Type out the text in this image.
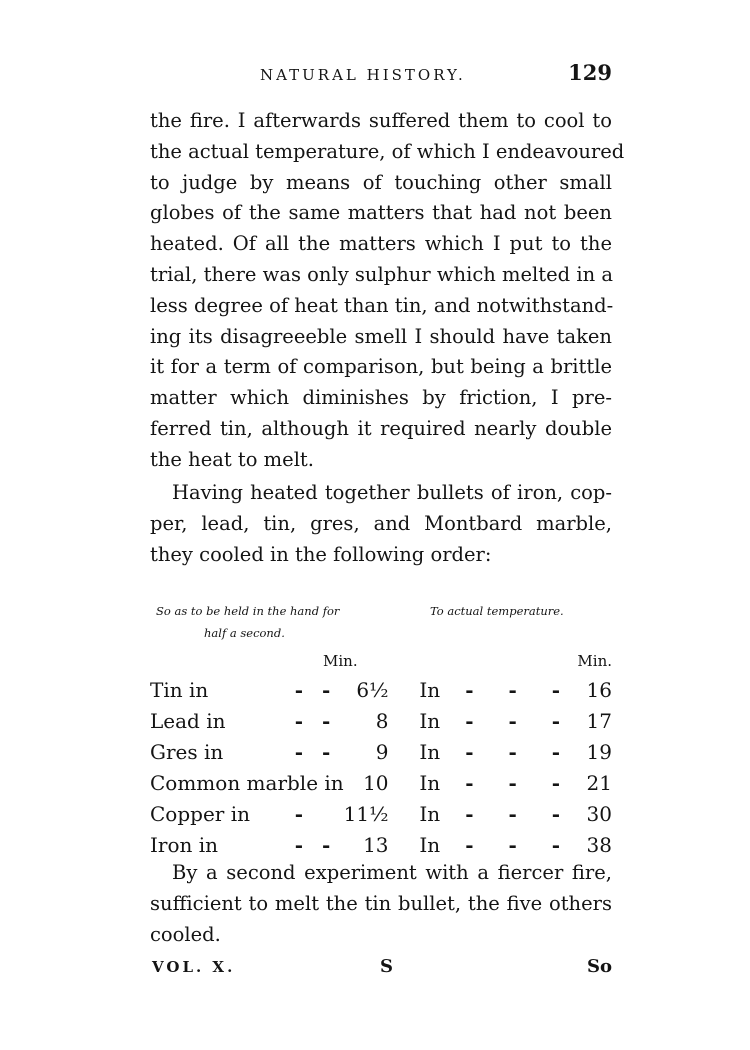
NATURAL HISTORY.	129
the fire. I afterwards suffered them to cool to
the actual temperature, of which I endeavoured
to judge by means of touching other small
globes of the same matters that had not been
heated. Of all the matters which I put to the
trial, there was only sulphur which melted in a
less degree of heat than tin, and notwithstand-
ing its disagreeeble smell I should have taken
it for a term of comparison, but being a brittle
matter which diminishes by friction, I pre-
ferred tin, although it required nearly double
the heat to melt.
Having heated together bullets of iron, cop-
per, lead, tin, gres, and Montbard marble,
they cooled in the following order:
So as to be held in the hand for
half a second.
To actual temperature.
Min.	Min.
Tin in	- -	6½		In	- - -	16
Lead in	- -	8		In	- - -	17
Gres in	- -	9		In	- - -	19
Common marble in		10		In	- - -	21
Copper in	-	11½		In	- - -	30
Iron in	- -	13		In	- - -	38
By a second experiment with a fiercer fire,
sufficient to melt the tin bullet, the five others
cooled.
VOL. X.	S	So
